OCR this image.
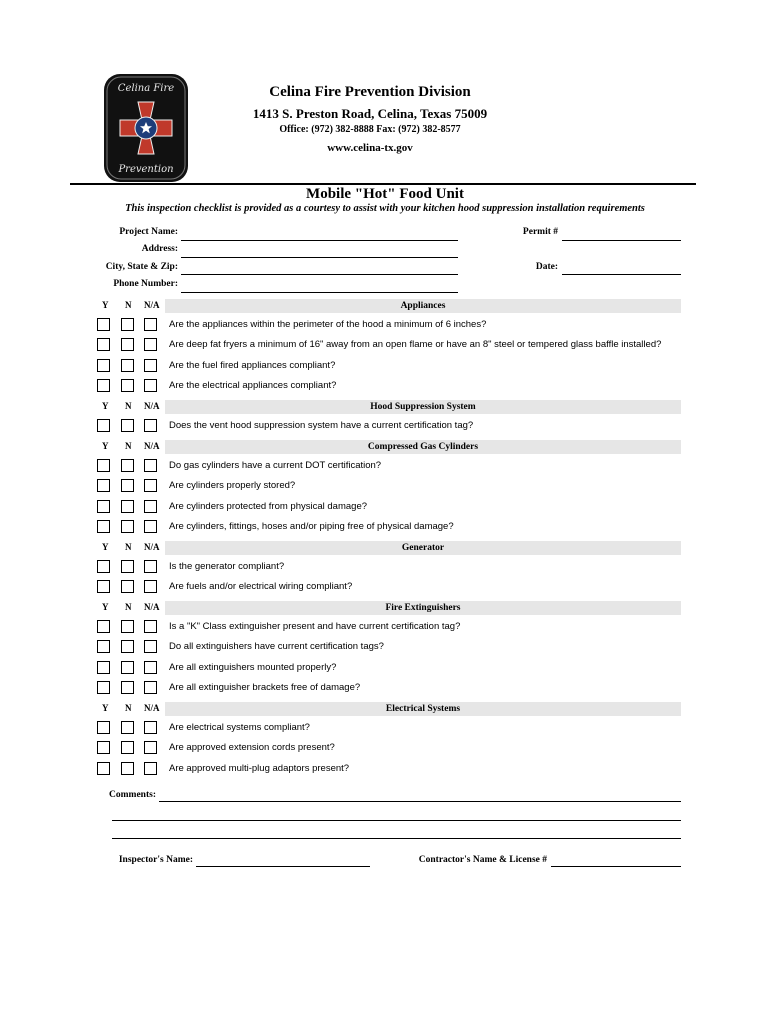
Celina Fire
Prevention
Celina Fire Prevention Division
1413 S. Preston Road, Celina, Texas 75009
Office: (972) 382-8888 Fax: (972) 382-8577
www.celina-tx.gov
Mobile "Hot" Food Unit
This inspection checklist is provided as a courtesy to assist with your kitchen hood suppression installation requirements
Project Name:
Address:
City, State & Zip:
Phone Number:
Permit #
Date:
Y N N/A	Appliances
Are the appliances within the perimeter of the hood a minimum of 6 inches?
Are deep fat fryers a minimum of 16" away from an open flame or have an 8" steel or tempered glass baffle installed?
Are the fuel fired appliances compliant?
Are the electrical appliances compliant?
Y N N/A	Hood Suppression System
Does the vent hood suppression system have a current certification tag?
Y N N/A	Compressed Gas Cylinders
Do gas cylinders have a current DOT certification?
Are cylinders properly stored?
Are cylinders protected from physical damage?
Are cylinders, fittings, hoses and/or piping free of physical damage?
Y N N/A	Generator
Is the generator compliant?
Are fuels and/or electrical wiring compliant?
Y N N/A	Fire Extinguishers
Is a "K" Class extinguisher present and have current certification tag?
Do all extinguishers have current certification tags?
Are all extinguishers mounted properly?
Are all extinguisher brackets free of damage?
Y N N/A	Electrical Systems
Are electrical systems compliant?
Are approved extension cords present?
Are approved multi-plug adaptors present?
Comments:
Inspector's Name:	Contractor's Name & License #
